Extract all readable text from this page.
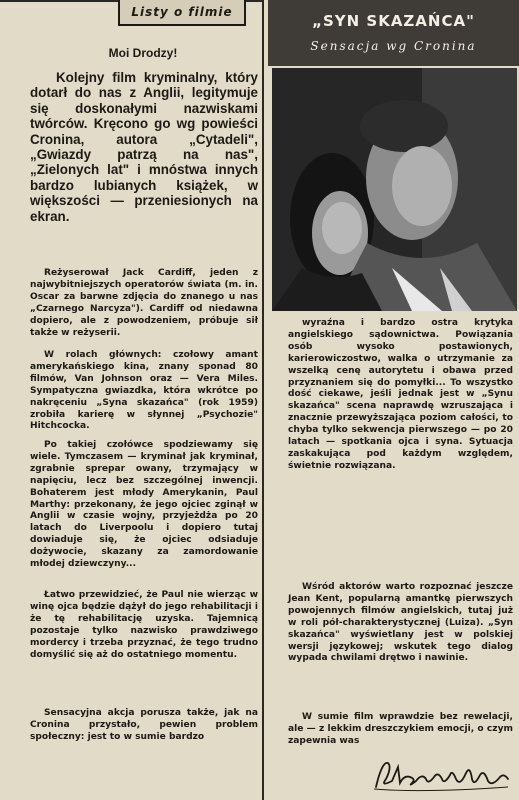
Listy o filmie
Moi Drodzy!

Kolejny film kryminalny, który dotarł do nas z Anglii, legitymuje się doskonałymi nazwiskami twórców. Kręcono go wg powieści Cronina, autora „Cytadeli", „Gwiazdy patrzą na nas", „Zielonych lat" i mnóstwa innych bardzo lubianych książek, w większości — przeniesionych na ekran.

Reżyserował Jack Cardiff, jeden z najwybitniejszych operatorów świata (m. in. Oscar za barwne zdjęcia do znanego u nas „Czarnego Narcyza"). Cardiff od niedawna dopiero, ale z powodzeniem, próbuje sił także w reżyserii.

W rolach głównych: czołowy amant amerykańskiego kina, znany sponad 80 filmów, Van Johnson oraz — Vera Miles. Sympatyczna gwiazdka, która wkrótce po nakręceniu „Syna skazańca" (rok 1959) zrobiła karierę w słynnej „Psychozie" Hitchcocka.

Po takiej czołówce spodziewamy się wiele. Tymczasem — kryminał jak kryminał, zgrabnie sprepar owany, trzymający w napięciu, lecz bez szczególnej inwencji. Bohaterem jest młody Amerykanin, Paul Marthy: przekonany, że jego ojciec zginął w Anglii w czasie wojny, przyjeżdża po 20 latach do Liverpoolu i dopiero tutaj dowiaduje się, że ojciec odsiaduje dożywocie, skazany za zamordowanie młodej dziewczyny...

Łatwo przewidzieć, że Paul nie wierząc w winę ojca będzie dążył do jego rehabilitacji i że tę rehabilitację uzyska. Tajemnicą pozostaje tylko nazwisko prawdziwego mordercy i trzeba przyznać, że tego trudno domyślić się aż do ostatniego momentu.

Sensacyjna akcja porusza także, jak na Cronina przystało, pewien problem społeczny: jest to w sumie bardzo

„SYN SKAZAŃCA"
Sensacja wg Cronina

wyraźna i bardzo ostra krytyka angielskiego sądownictwa. Powiązania osób wysoko postawionych, karierowiczostwo, walka o utrzymanie za wszelką cenę autorytetu i obawa przed przyznaniem się do pomyłki... To wszystko dość ciekawe, jeśli jednak jest w „Synu skazańca" scena naprawdę wzruszająca i znacznie przewyższająca poziom całości, to chyba tylko sekwencja pierwszego — po 20 latach — spotkania ojca i syna. Sytuacja zaskakująca pod każdym względem, świetnie rozwiązana.

Wśród aktorów warto rozpoznać jeszcze Jean Kent, popularną amantkę pierwszych powojennych filmów angielskich, tutaj już w roli pół-charakterystycznej (Luiza). „Syn skazańca" wyświetlany jest w polskiej wersji językowej; wskutek tego dialog wypada chwilami drętwo i nawinie.

W sumie film wprawdzie bez rewelacji, ale — z lekkim dreszczykiem emocji, o czym zapewnia was
